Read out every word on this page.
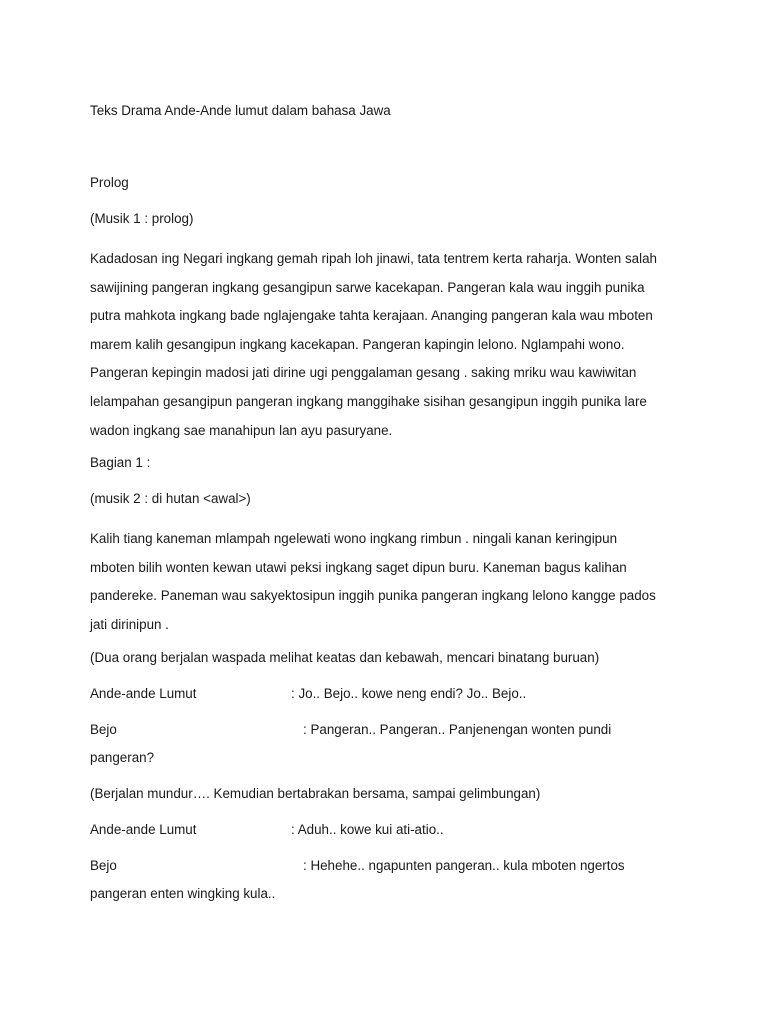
Teks Drama Ande-Ande lumut dalam bahasa Jawa
Prolog
(Musik 1 : prolog)
Kadadosan ing Negari ingkang gemah ripah loh jinawi, tata tentrem kerta raharja. Wonten salah
sawijining pangeran ingkang gesangipun sarwe kacekapan. Pangeran kala wau inggih punika
putra mahkota ingkang bade nglajengake tahta kerajaan. Ananging pangeran kala wau mboten
marem kalih gesangipun ingkang kacekapan. Pangeran kapingin lelono. Nglampahi wono.
Pangeran kepingin madosi jati dirine ugi penggalaman gesang . saking mriku wau kawiwitan
lelampahan gesangipun pangeran ingkang manggihake sisihan gesangipun inggih punika lare
wadon ingkang sae manahipun lan ayu pasuryane.
Bagian 1 :
(musik 2 : di hutan <awal>)
Kalih tiang kaneman mlampah ngelewati wono ingkang rimbun . ningali kanan keringipun
mboten bilih wonten kewan utawi peksi ingkang saget dipun buru. Kaneman bagus kalihan
pandereke. Paneman wau sakyektosipun inggih punika pangeran ingkang lelono kangge pados
jati dirinipun .
(Dua orang berjalan waspada melihat keatas dan kebawah, mencari binatang buruan)
Ande-ande Lumut	: Jo.. Bejo.. kowe neng endi? Jo.. Bejo..
Bejo	: Pangeran.. Pangeran.. Panjenengan wonten pundi
pangeran?
(Berjalan mundur…. Kemudian bertabrakan bersama, sampai gelimbungan)
Ande-ande Lumut	: Aduh.. kowe kui ati-atio..
Bejo	: Hehehe.. ngapunten pangeran.. kula mboten ngertos
pangeran enten wingking kula..
